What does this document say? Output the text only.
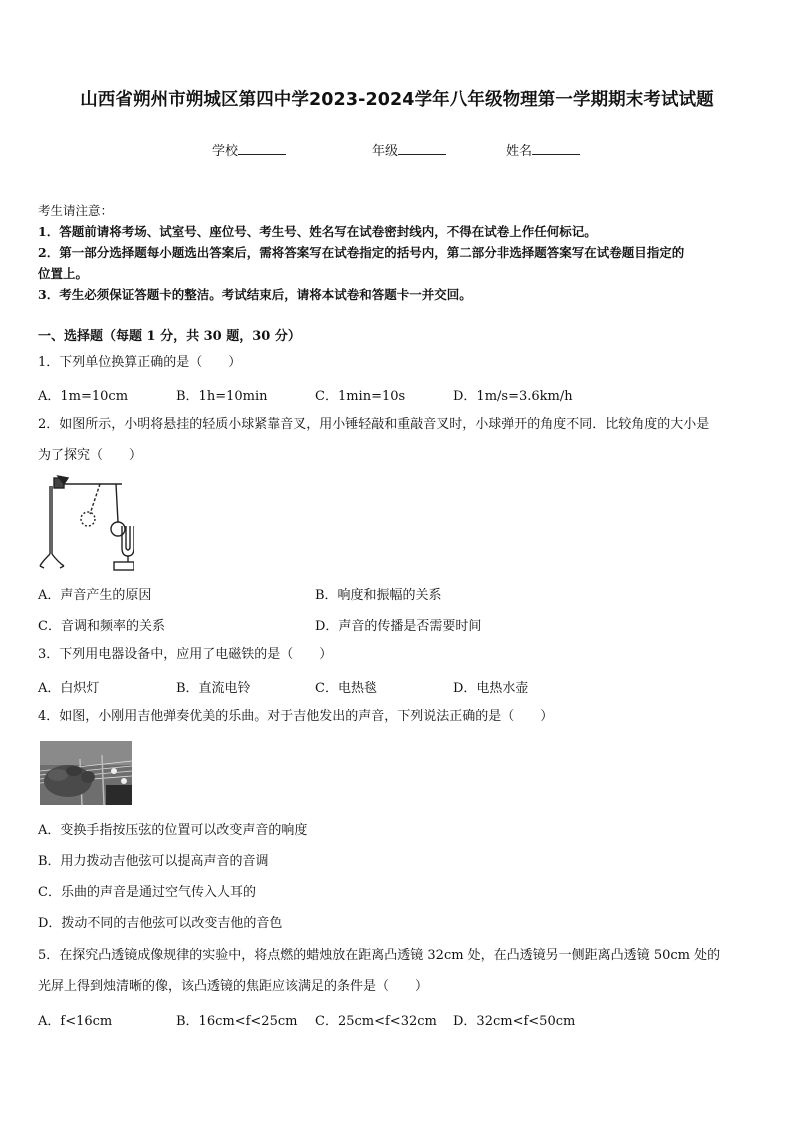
山西省朔州市朔城区第四中学2023-2024学年八年级物理第一学期期末考试试题
学校	年级	姓名
考生请注意：
1．答题前请将考场、试室号、座位号、考生号、姓名写在试卷密封线内，不得在试卷上作任何标记。
2．第一部分选择题每小题选出答案后，需将答案写在试卷指定的括号内，第二部分非选择题答案写在试卷题目指定的
位置上。
3．考生必须保证答题卡的整洁。考试结束后，请将本试卷和答题卡一并交回。
一、选择题（每题 1 分，共 30 题，30 分）
1．下列单位换算正确的是（　　）
A．1m=10cm	B．1h=10min	C．1min=10s	D．1m/s=3.6km/h
2．如图所示，小明将悬挂的轻质小球紧靠音叉，用小锤轻敲和重敲音叉时，小球弹开的角度不同．比较角度的大小是
为了探究（　　）
A．声音产生的原因	B．响度和振幅的关系
C．音调和频率的关系	D．声音的传播是否需要时间
3．下列用电器设备中，应用了电磁铁的是（　　）
A．白炽灯	B．直流电铃	C．电热毯	D．电热水壶
4．如图，小刚用吉他弹奏优美的乐曲。对于吉他发出的声音，下列说法正确的是（　　）
A．变换手指按压弦的位置可以改变声音的响度
B．用力拨动吉他弦可以提高声音的音调
C．乐曲的声音是通过空气传入人耳的
D．拨动不同的吉他弦可以改变吉他的音色
5．在探究凸透镜成像规律的实验中，将点燃的蜡烛放在距离凸透镜 32cm 处，在凸透镜另一侧距离凸透镜 50cm 处的
光屏上得到烛清晰的像，该凸透镜的焦距应该满足的条件是（　　）
A．f<16cm	B．16cm<f<25cm C．25cm<f<32cm D．32cm<f<50cm
